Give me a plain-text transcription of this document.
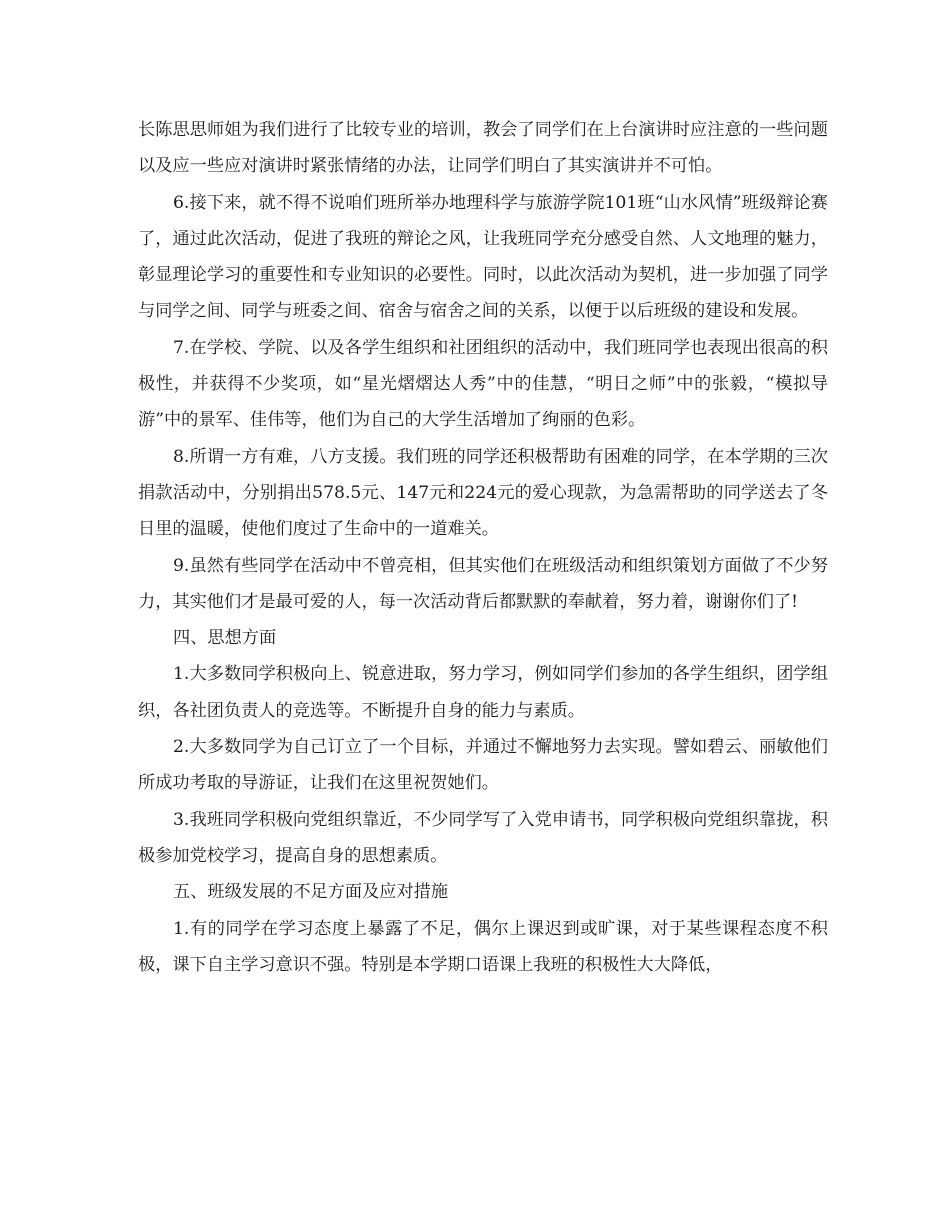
长陈思思师姐为我们进行了比较专业的培训，教会了同学们在上台演讲时应注意的一些问题以及应一些应对演讲时紧张情绪的办法，让同学们明白了其实演讲并不可怕。

6.接下来，就不得不说咱们班所举办地理科学与旅游学院101班“山水风情”班级辩论赛了，通过此次活动，促进了我班的辩论之风，让我班同学充分感受自然、人文地理的魅力，彰显理论学习的重要性和专业知识的必要性。同时，以此次活动为契机，进一步加强了同学与同学之间、同学与班委之间、宿舍与宿舍之间的关系，以便于以后班级的建设和发展。

7.在学校、学院、以及各学生组织和社团组织的活动中，我们班同学也表现出很高的积极性，并获得不少奖项，如“星光熠熠达人秀”中的佳慧，“明日之师”中的张毅，“模拟导游”中的景军、佳伟等，他们为自己的大学生活增加了绚丽的色彩。

8.所谓一方有难，八方支援。我们班的同学还积极帮助有困难的同学，在本学期的三次捐款活动中，分别捐出578.5元、147元和224元的爱心现款，为急需帮助的同学送去了冬日里的温暖，使他们度过了生命中的一道难关。

9.虽然有些同学在活动中不曾亮相，但其实他们在班级活动和组织策划方面做了不少努力，其实他们才是最可爱的人，每一次活动背后都默默的奉献着，努力着，谢谢你们了!

四、思想方面

1.大多数同学积极向上、锐意进取，努力学习，例如同学们参加的各学生组织，团学组织，各社团负责人的竞选等。不断提升自身的能力与素质。

2.大多数同学为自己订立了一个目标，并通过不懈地努力去实现。譬如碧云、丽敏他们所成功考取的导游证，让我们在这里祝贺她们。

3.我班同学积极向党组织靠近，不少同学写了入党申请书，同学积极向党组织靠拢，积极参加党校学习，提高自身的思想素质。

五、班级发展的不足方面及应对措施

1.有的同学在学习态度上暴露了不足，偶尔上课迟到或旷课，对于某些课程态度不积极，课下自主学习意识不强。特别是本学期口语课上我班的积极性大大降低，
